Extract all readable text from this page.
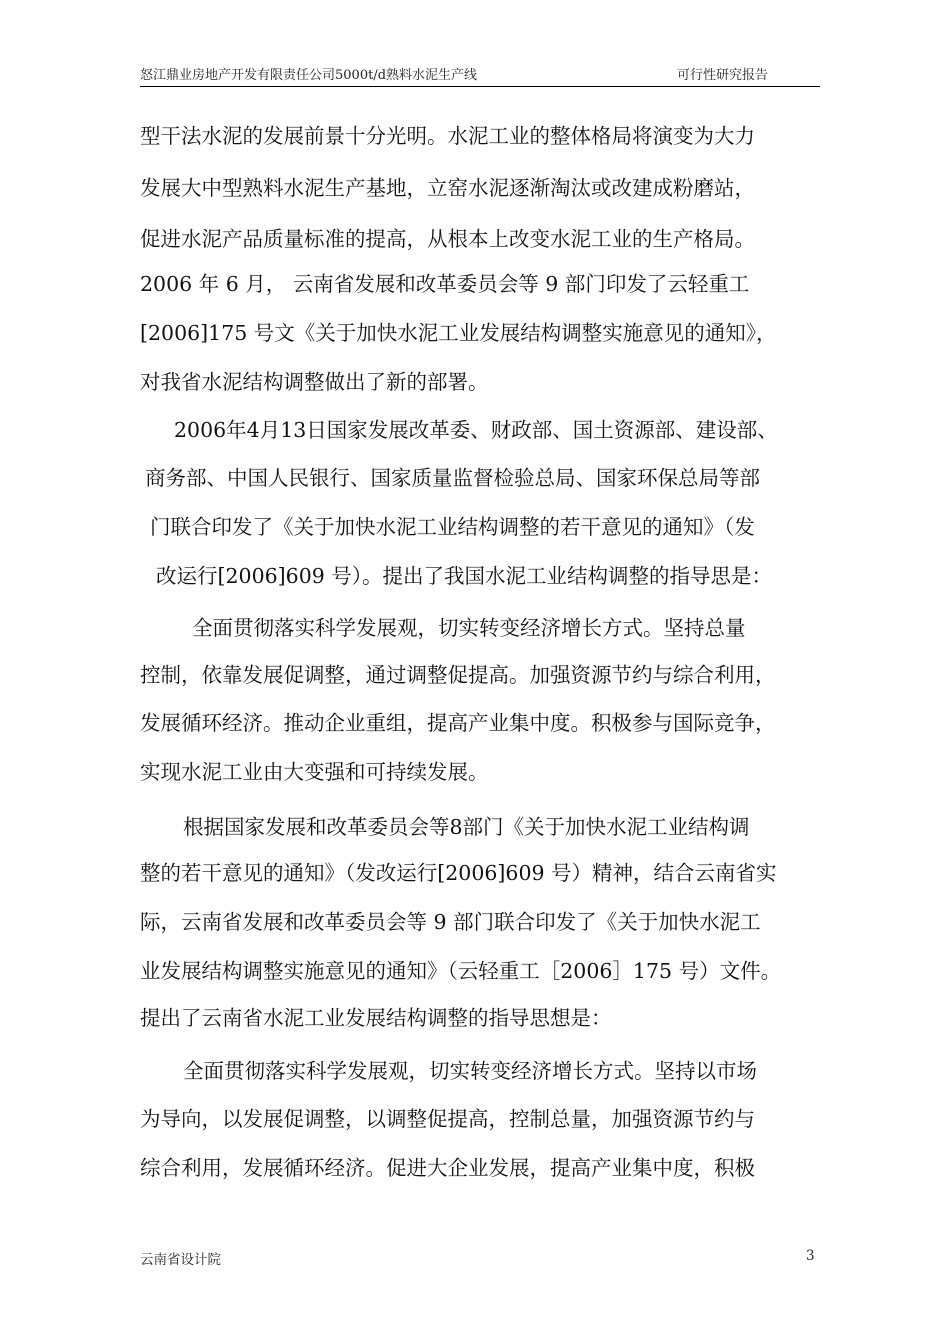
怒江鼎业房地产开发有限责任公司5000t/d熟料水泥生产线	可行性研究报告
型干法水泥的发展前景十分光明。水泥工业的整体格局将演变为大力
发展大中型熟料水泥生产基地，立窑水泥逐渐淘汰或改建成粉磨站，
促进水泥产品质量标准的提高，从根本上改变水泥工业的生产格局。
2006 年 6 月， 云南省发展和改革委员会等 9 部门印发了云轻重工
[2006]175 号文《关于加快水泥工业发展结构调整实施意见的通知》，
对我省水泥结构调整做出了新的部署。
2006年4月13日国家发展改革委、财政部、国土资源部、建设部、
商务部、中国人民银行、国家质量监督检验总局、国家环保总局等部
门联合印发了《关于加快水泥工业结构调整的若干意见的通知》（发
改运行[2006]609 号）。提出了我国水泥工业结构调整的指导思是：
全面贯彻落实科学发展观，切实转变经济增长方式。坚持总量
控制，依靠发展促调整，通过调整促提高。加强资源节约与综合利用，
发展循环经济。推动企业重组，提高产业集中度。积极参与国际竞争，
实现水泥工业由大变强和可持续发展。
根据国家发展和改革委员会等8部门《关于加快水泥工业结构调
整的若干意见的通知》（发改运行[2006]609 号）精神，结合云南省实
际，云南省发展和改革委员会等 9 部门联合印发了《关于加快水泥工
业发展结构调整实施意见的通知》（云轻重工［2006］175 号）文件。
提出了云南省水泥工业发展结构调整的指导思想是：
全面贯彻落实科学发展观，切实转变经济增长方式。坚持以市场
为导向，以发展促调整，以调整促提高，控制总量，加强资源节约与
综合利用，发展循环经济。促进大企业发展，提高产业集中度，积极
云南省设计院	3
